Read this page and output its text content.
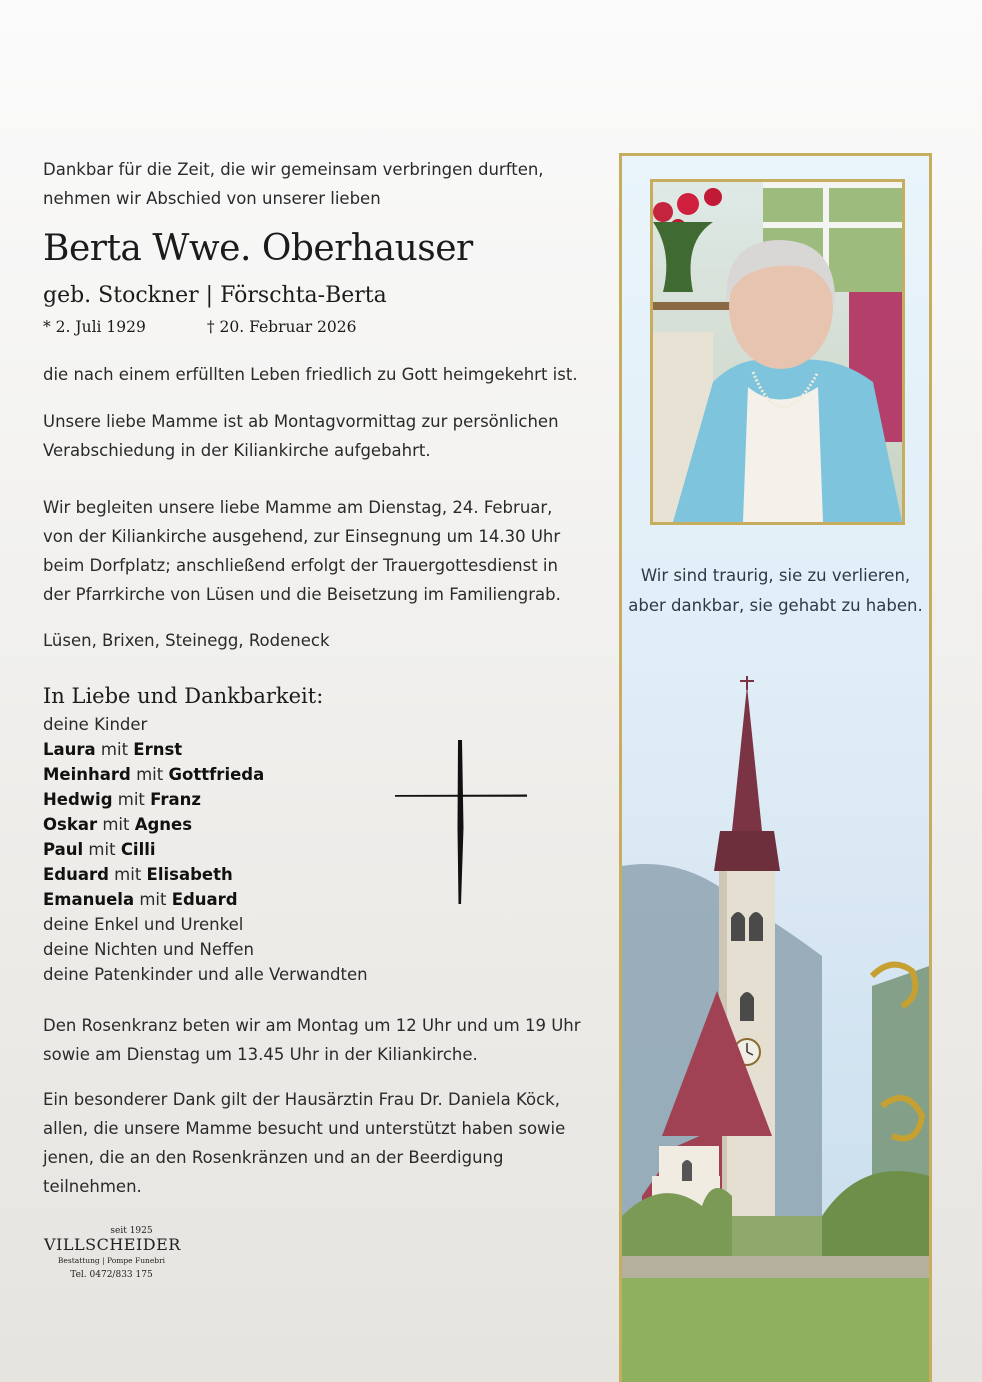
Dankbar für die Zeit, die wir gemeinsam verbringen durften,
nehmen wir Abschied von unserer lieben
Berta Wwe. Oberhauser
geb. Stockner | Förschta-Berta
* 2. Juli 1929	† 20. Februar 2026
die nach einem erfüllten Leben friedlich zu Gott heimgekehrt ist.
Unsere liebe Mamme ist ab Montagvormittag zur persönlichen
Verabschiedung in der Kiliankirche aufgebahrt.
Wir begleiten unsere liebe Mamme am Dienstag, 24. Februar,
von der Kiliankirche ausgehend, zur Einsegnung um 14.30 Uhr
beim Dorfplatz; anschließend erfolgt der Trauergottesdienst in
der Pfarrkirche von Lüsen und die Beisetzung im Familiengrab.
Lüsen, Brixen, Steinegg, Rodeneck
In Liebe und Dankbarkeit:
deine Kinder
Laura mit Ernst
Meinhard mit Gottfrieda
Hedwig mit Franz
Oskar mit Agnes
Paul mit Cilli
Eduard mit Elisabeth
Emanuela mit Eduard
deine Enkel und Urenkel
deine Nichten und Neffen
deine Patenkinder und alle Verwandten
Den Rosenkranz beten wir am Montag um 12 Uhr und um 19 Uhr
sowie am Dienstag um 13.45 Uhr in der Kiliankirche.
Ein besonderer Dank gilt der Hausärztin Frau Dr. Daniela Köck,
allen, die unsere Mamme besucht und unterstützt haben sowie
jenen, die an den Rosenkränzen und an der Beerdigung teilnehmen.
seit 1925
VILLSCHEIDER
Bestattung | Pompe Funebri
Tel. 0472/833 175
Wir sind traurig, sie zu verlieren,
aber dankbar, sie gehabt zu haben.
